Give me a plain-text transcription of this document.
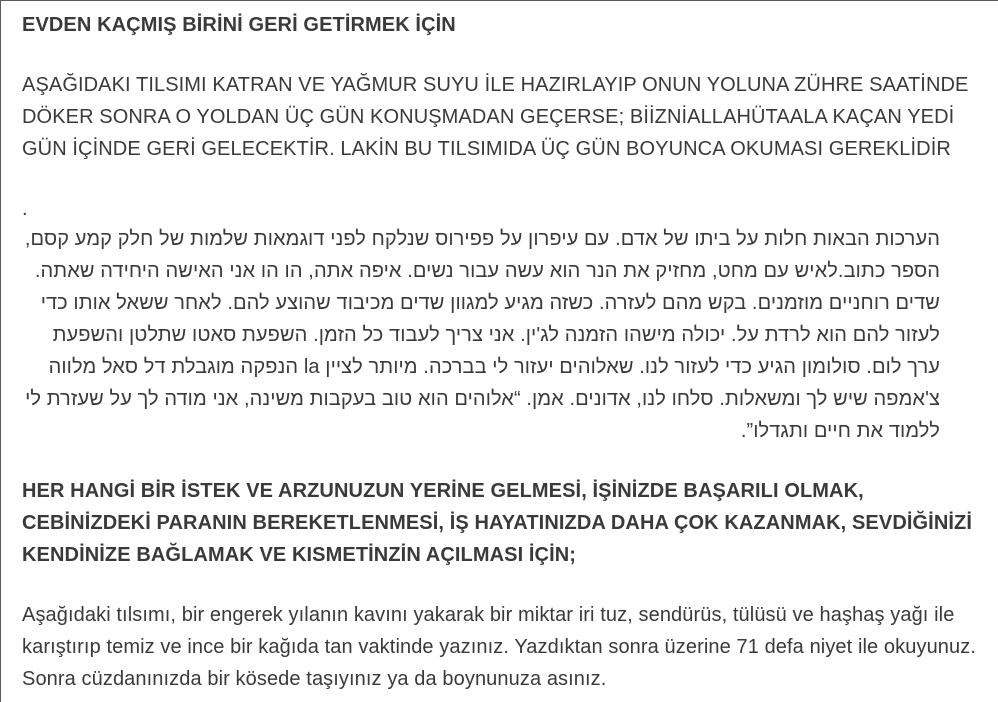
EVDEN KAÇMIŞ BİRİNİ GERİ GETİRMEK İÇİN

AŞAĞIDAKI TILSIMI KATRAN VE YAĞMUR SUYU İLE HAZIRLAYIP ONUN YOLUNA ZÜHRE SAATİNDE DÖKER SONRA O YOLDAN ÜÇ GÜN KONUŞMADAN GEÇERSE; BİİZNİALLAHÜTAALA KAÇAN YEDİ GÜN İÇİNDE GERİ GELECEKTİR. LAKİN BU TILSIMIDA ÜÇ GÜN BOYUNCA OKUMASI GEREKLİDİR

.

הערכות הבאות חלות על ביתו של אדם. עם עיפרון על פפירוס שנלקח לפני דוגמאות שלמות של חלק קמע קסם, הספר כתוב.לאיש עם מחט, מחזיק את הנר הוא עשה עבור נשים. איפה אתה, הו הו אני האישה היחידה שאתה. שדים רוחניים מוזמנים. בקש מהם לעזרה. כשזה מגיע למגוון שדים מכיבוד שהוצע להם. לאחר ששאל אותו כדי לעזור להם הוא לרדת על. יכולה מישהו הזמנה לג'ין. אני צריך לעבוד כל הזמן. השפעת סאטו שתלטן והשפעת ערך לום. סולומון הגיע כדי לעזור לנו. שאלוהים יעזור לי בברכה. מיותר לציין la הנפקה מוגבלת דל סאל מלווה צ'אמפה שיש לך ומשאלות. סלחו לנו, אדונים. אמן. “אלוהים הוא טוב בעקבות משינה, אני מודה לך על שעזרת לי ללמוד את חיים ותגדלו”.

HER HANGİ BİR İSTEK VE ARZUNUZUN YERİNE GELMESİ, İŞİNİZDE BAŞARILI OLMAK, CEBİNİZDEKİ PARANIN BEREKETLENMESİ, İŞ HAYATINIZDA DAHA ÇOK KAZANMAK, SEVDİĞİNİZİ KENDİNİZE BAĞLAMAK VE KISMETİNZİN AÇILMASI İÇİN;

Aşağıdaki tılsımı, bir engerek yılanın kavını yakarak bir miktar iri tuz, sendürüs, tülüsü ve haşhaş yağı ile karıştırıp temiz ve ince bir kağıda tan vaktinde yazınız. Yazdıktan sonra üzerine 71 defa niyet ile okuyunuz. Sonra cüzdanınızda bir kösede taşıyınız ya da boynunuza asınız.
